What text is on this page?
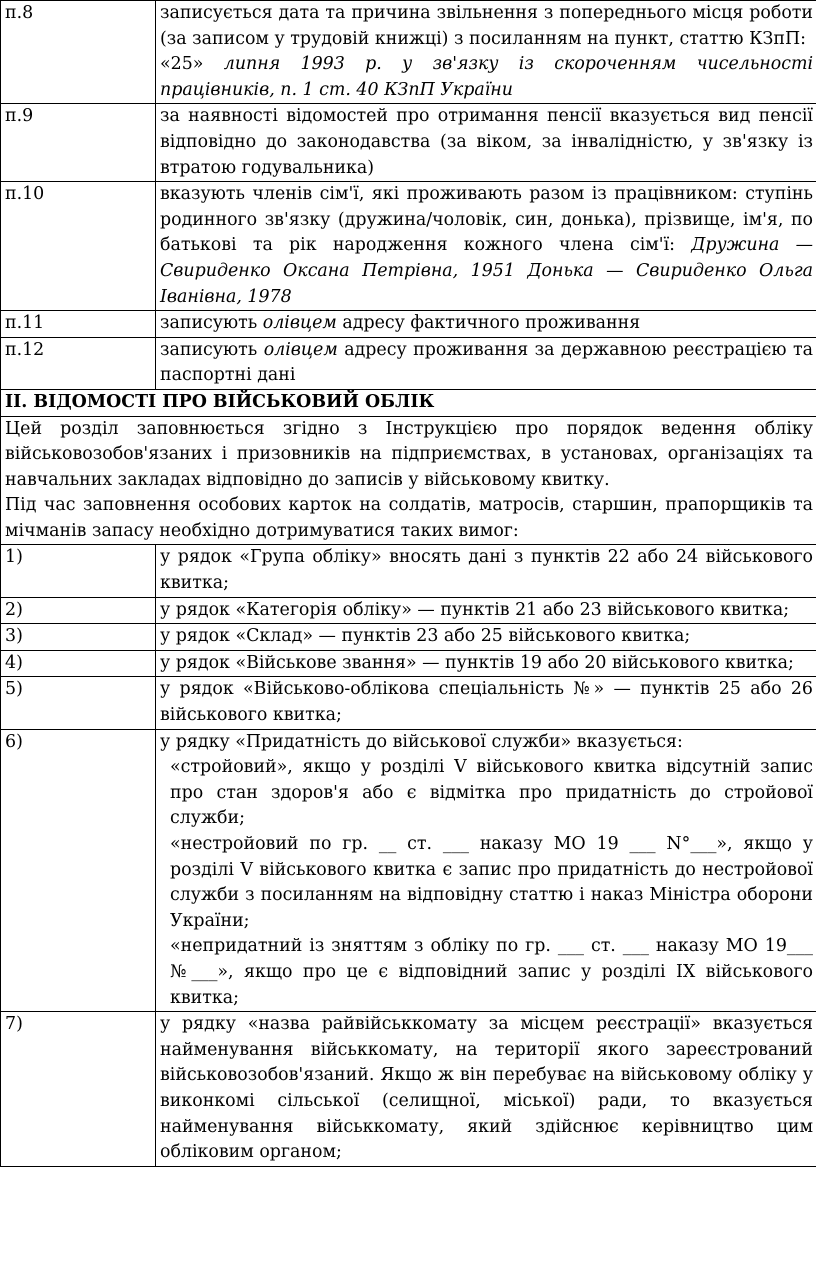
п.8	записується дата та причина звільнення з попереднього місця роботи (за записом у трудовій книжці) з посиланням на пункт, статтю КЗпП:

«25» липня 1993 р. у зв'язку із скороченням чисельності працівників, п. 1 ст. 40 КЗпП України

п.9	за наявності відомостей про отримання пенсії вказується вид пенсії відповідно до законодавства (за віком, за інвалідністю, у зв'язку із втратою годувальника)

п.10	вказують членів сім'ї, які проживають разом із працівником: ступінь родинного зв'язку (дружина/чоловік, син, донька), прізвище, ім'я, по батькові та рік народження кожного члена сім'ї: Дружина — Свириденко Оксана Петрівна, 1951 Донька — Свириденко Ольга Іванівна, 1978

п.11	записують олівцем адресу фактичного проживання

п.12	записують олівцем адресу проживання за державною реєстрацією та паспортні дані

ІІ. ВІДОМОСТІ ПРО ВІЙСЬКОВИЙ ОБЛІК	

Цей розділ заповнюється згідно з Інструкцією про порядок ведення обліку військовозобов'язаних і призовників на підприємствах, в установах, організаціях та навчальних закладах відповідно до записів у військовому квитку.

Під час заповнення особових карток на солдатів, матросів, старшин, прапорщиків та мічманів запасу необхідно дотримуватися таких вимог:	

1)	у рядок «Група обліку» вносять дані з пунктів 22 або 24 військового квитка;

2)	у рядок «Категорія обліку» — пунктів 21 або 23 військового квитка;

3)	у рядок «Склад» — пунктів 23 або 25 військового квитка;

4)	у рядок «Військове звання» — пунктів 19 або 20 військового квитка;

5)	у рядок «Військово-облікова спеціальність №» — пунктів 25 або 26 військового квитка;

6)	у рядку «Придатність до військової служби» вказується:

«стройовий», якщо у розділі V військового квитка відсутній запис про стан здоров'я або є відмітка про придатність до стройової служби;

«нестройовий по гр. __ ст. ___ наказу МО 19 ___ N°___», якщо у розділі V військового квитка є запис про придатність до нестройової служби з посиланням на відповідну статтю і наказ Міністра оборони України;

«непридатний із зняттям з обліку по гр. ___ ст. ___ наказу МО 19___ №___», якщо про це є відповідний запис у розділі IX військового квитка;

7)	у рядку «назва райвійськкомату за місцем реєстрації» вказується найменування військкомату, на території якого зареєстрований військовозобов'язаний. Якщо ж він перебуває на військовому обліку у виконкомі сільської (селищної, міської) ради, то вказується найменування військкомату, який здійснює керівництво цим обліковим органом;
